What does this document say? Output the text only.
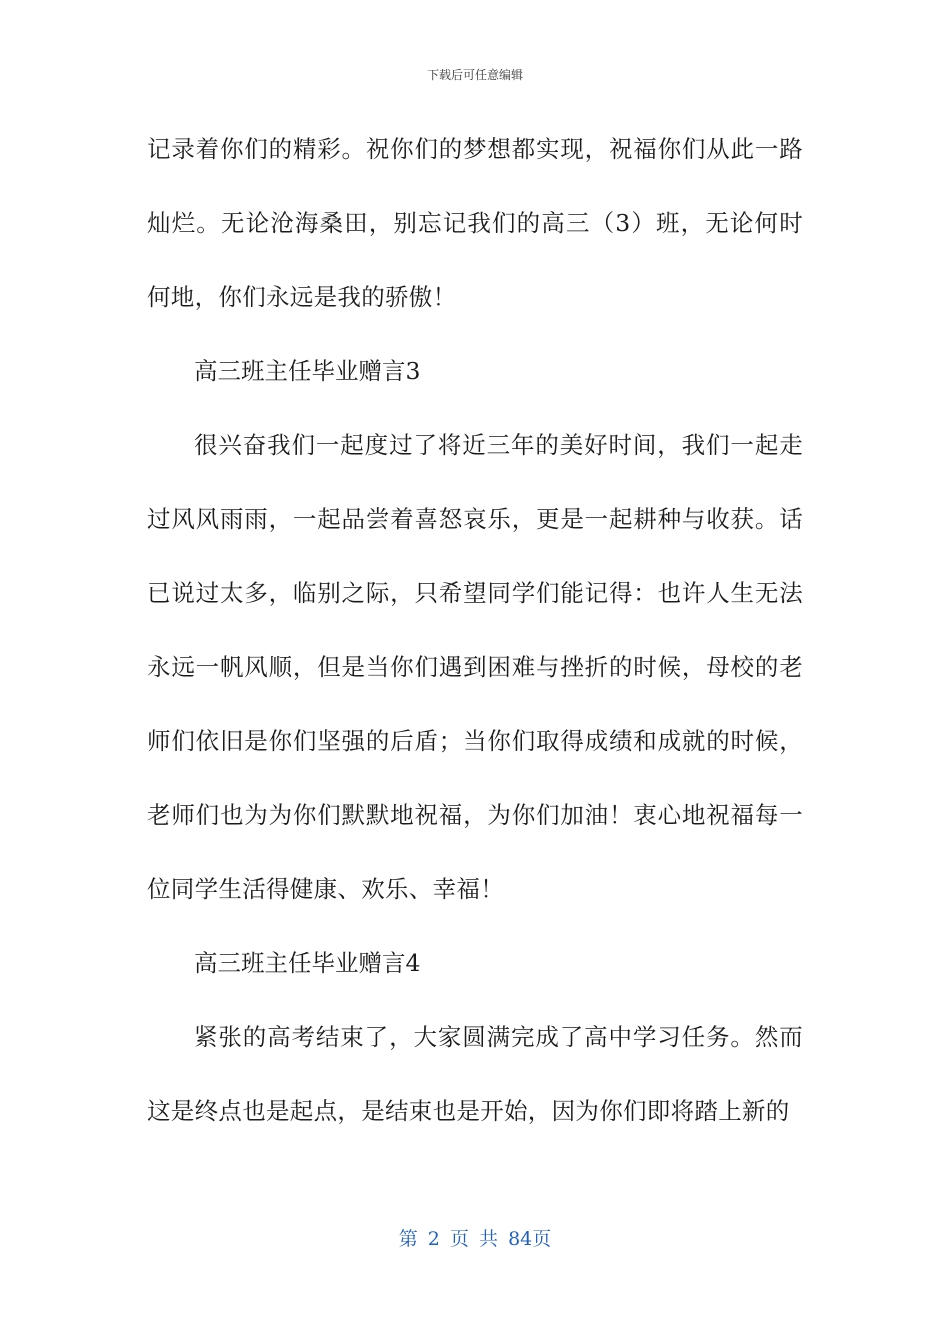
下载后可任意编辑

记录着你们的精彩。祝你们的梦想都实现，祝福你们从此一路灿烂。无论沧海桑田，别忘记我们的高三（3）班，无论何时何地，你们永远是我的骄傲！

高三班主任毕业赠言3

很兴奋我们一起度过了将近三年的美好时间，我们一起走过风风雨雨，一起品尝着喜怒哀乐，更是一起耕种与收获。话已说过太多，临别之际，只希望同学们能记得：也许人生无法永远一帆风顺，但是当你们遇到困难与挫折的时候，母校的老师们依旧是你们坚强的后盾；当你们取得成绩和成就的时候，老师们也为为你们默默地祝福，为你们加油！衷心地祝福每一位同学生活得健康、欢乐、幸福！

高三班主任毕业赠言4

紧张的高考结束了，大家圆满完成了高中学习任务。然而这是终点也是起点，是结束也是开始，因为你们即将踏上新的

第 2 页 共 84页
